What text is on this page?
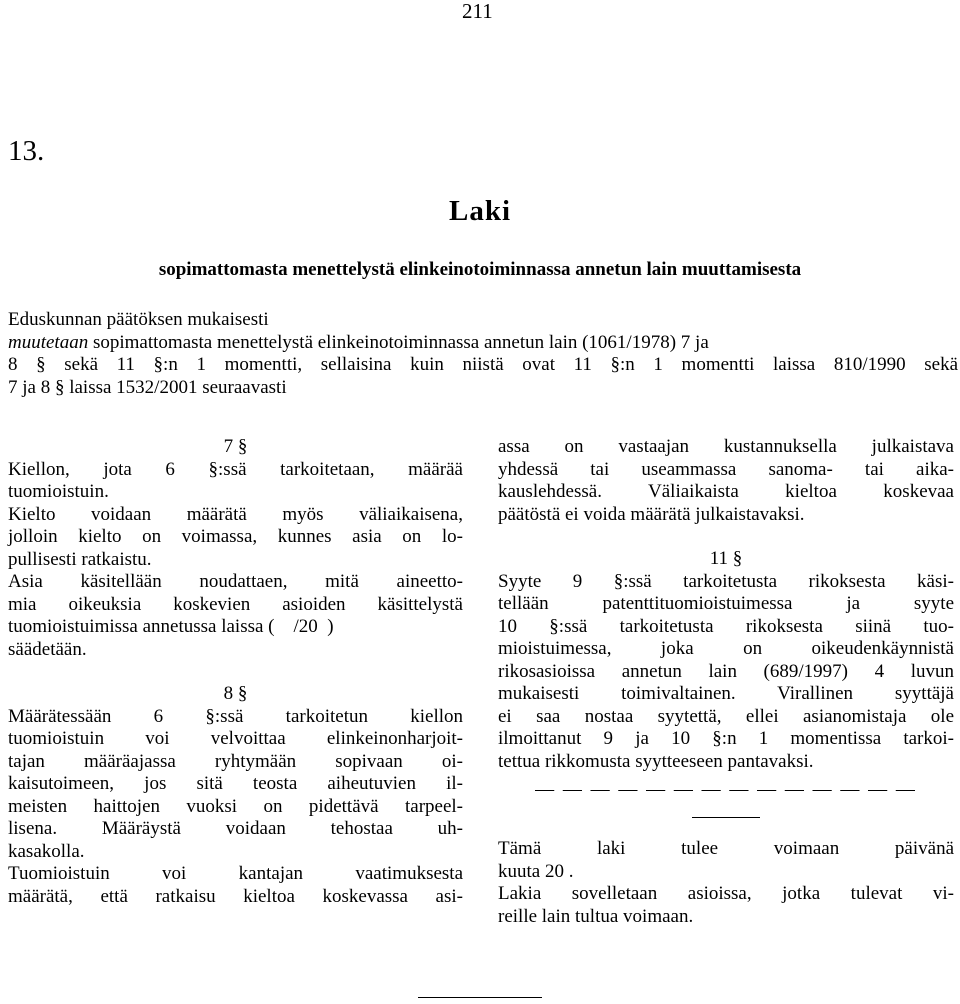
211
13.
Laki
sopimattomasta menettelystä elinkeinotoiminnassa annetun lain muuttamisesta
Eduskunnan päätöksen mukaisesti
muutetaan sopimattomasta menettelystä elinkeinotoiminnassa annetun lain (1061/1978) 7 ja
8 § sekä 11 §:n 1 momentti, sellaisina kuin niistä ovat 11 §:n 1 momentti laissa 810/1990 sekä
7 ja 8 § laissa 1532/2001 seuraavasti
7 §

Kiellon, jota 6 §:ssä tarkoitetaan, määrää

tuomioistuin.

Kielto voidaan määrätä myös väliaikaisena,

jolloin kielto on voimassa, kunnes asia on lo-

pullisesti ratkaistu.

Asia käsitellään noudattaen, mitä aineetto-

mia oikeuksia koskevien asioiden käsittelystä

tuomioistuimissa annetussa laissa (    /20  )

säädetään.

8 §

Määrätessään 6 §:ssä tarkoitetun kiellon

tuomioistuin voi velvoittaa elinkeinonharjoit-

tajan määräajassa ryhtymään sopivaan oi-

kaisutoimeen, jos sitä teosta aiheutuvien il-

meisten haittojen vuoksi on pidettävä tarpeel-

lisena. Määräystä voidaan tehostaa uh-

kasakolla.

Tuomioistuin voi kantajan vaatimuksesta

määrätä, että ratkaisu kieltoa koskevassa asi-

assa on vastaajan kustannuksella julkaistava

yhdessä tai useammassa sanoma- tai aika-

kauslehdessä. Väliaikaista kieltoa koskevaa

päätöstä ei voida määrätä julkaistavaksi.

11 §

Syyte 9 §:ssä tarkoitetusta rikoksesta käsi-

tellään patenttituomioistuimessa ja syyte

10 §:ssä tarkoitetusta rikoksesta siinä tuo-

mioistuimessa, joka on oikeudenkäynnistä

rikosasioissa annetun lain (689/1997) 4 luvun

mukaisesti toimivaltainen. Virallinen syyttäjä

ei saa nostaa syytettä, ellei asianomistaja ole

ilmoittanut 9 ja 10 §:n 1 momentissa tarkoi-

tettua rikkomusta syytteeseen pantavaksi.

— — — — — — — — — — — — — —

Tämä laki tulee voimaan päivänä

kuuta 20 .

Lakia sovelletaan asioissa, jotka tulevat vi-

reille lain tultua voimaan.
